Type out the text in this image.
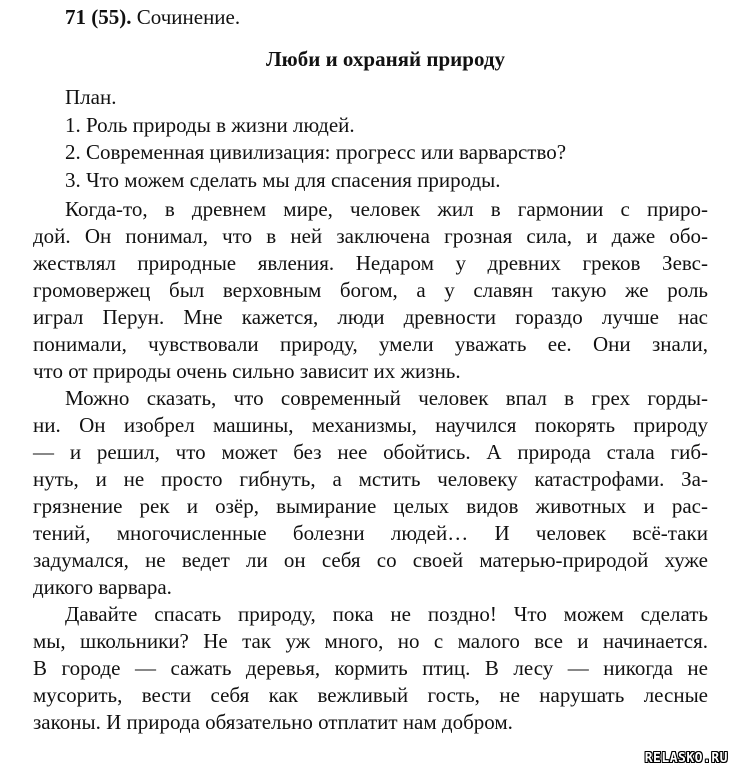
71 (55). Сочинение.
Люби и охраняй природу
План.
1. Роль природы в жизни людей.
2. Современная цивилизация: прогресс или варварство?
3. Что можем сделать мы для спасения природы.
Когда-то, в древнем мире, человек жил в гармонии с приро-
дой. Он понимал, что в ней заключена грозная сила, и даже обо-
жествлял природные явления. Недаром у древних греков Зевс-
громовержец был верховным богом, а у славян такую же роль
играл Перун. Мне кажется, люди древности гораздо лучше нас
понимали, чувствовали природу, умели уважать ее. Они знали,
что от природы очень сильно зависит их жизнь.
Можно сказать, что современный человек впал в грех горды-
ни. Он изобрел машины, механизмы, научился покорять природу
— и решил, что может без нее обойтись. А природа стала гиб-
нуть, и не просто гибнуть, а мстить человеку катастрофами. За-
грязнение рек и озёр, вымирание целых видов животных и рас-
тений, многочисленные болезни людей… И человек всё-таки
задумался, не ведет ли он себя со своей матерью-природой хуже
дикого варвара.
Давайте спасать природу, пока не поздно! Что можем сделать
мы, школьники? Не так уж много, но с малого все и начинается.
В городе — сажать деревья, кормить птиц. В лесу — никогда не
мусорить, вести себя как вежливый гость, не нарушать лесные
законы. И природа обязательно отплатит нам добром.
RELASKO.RU
